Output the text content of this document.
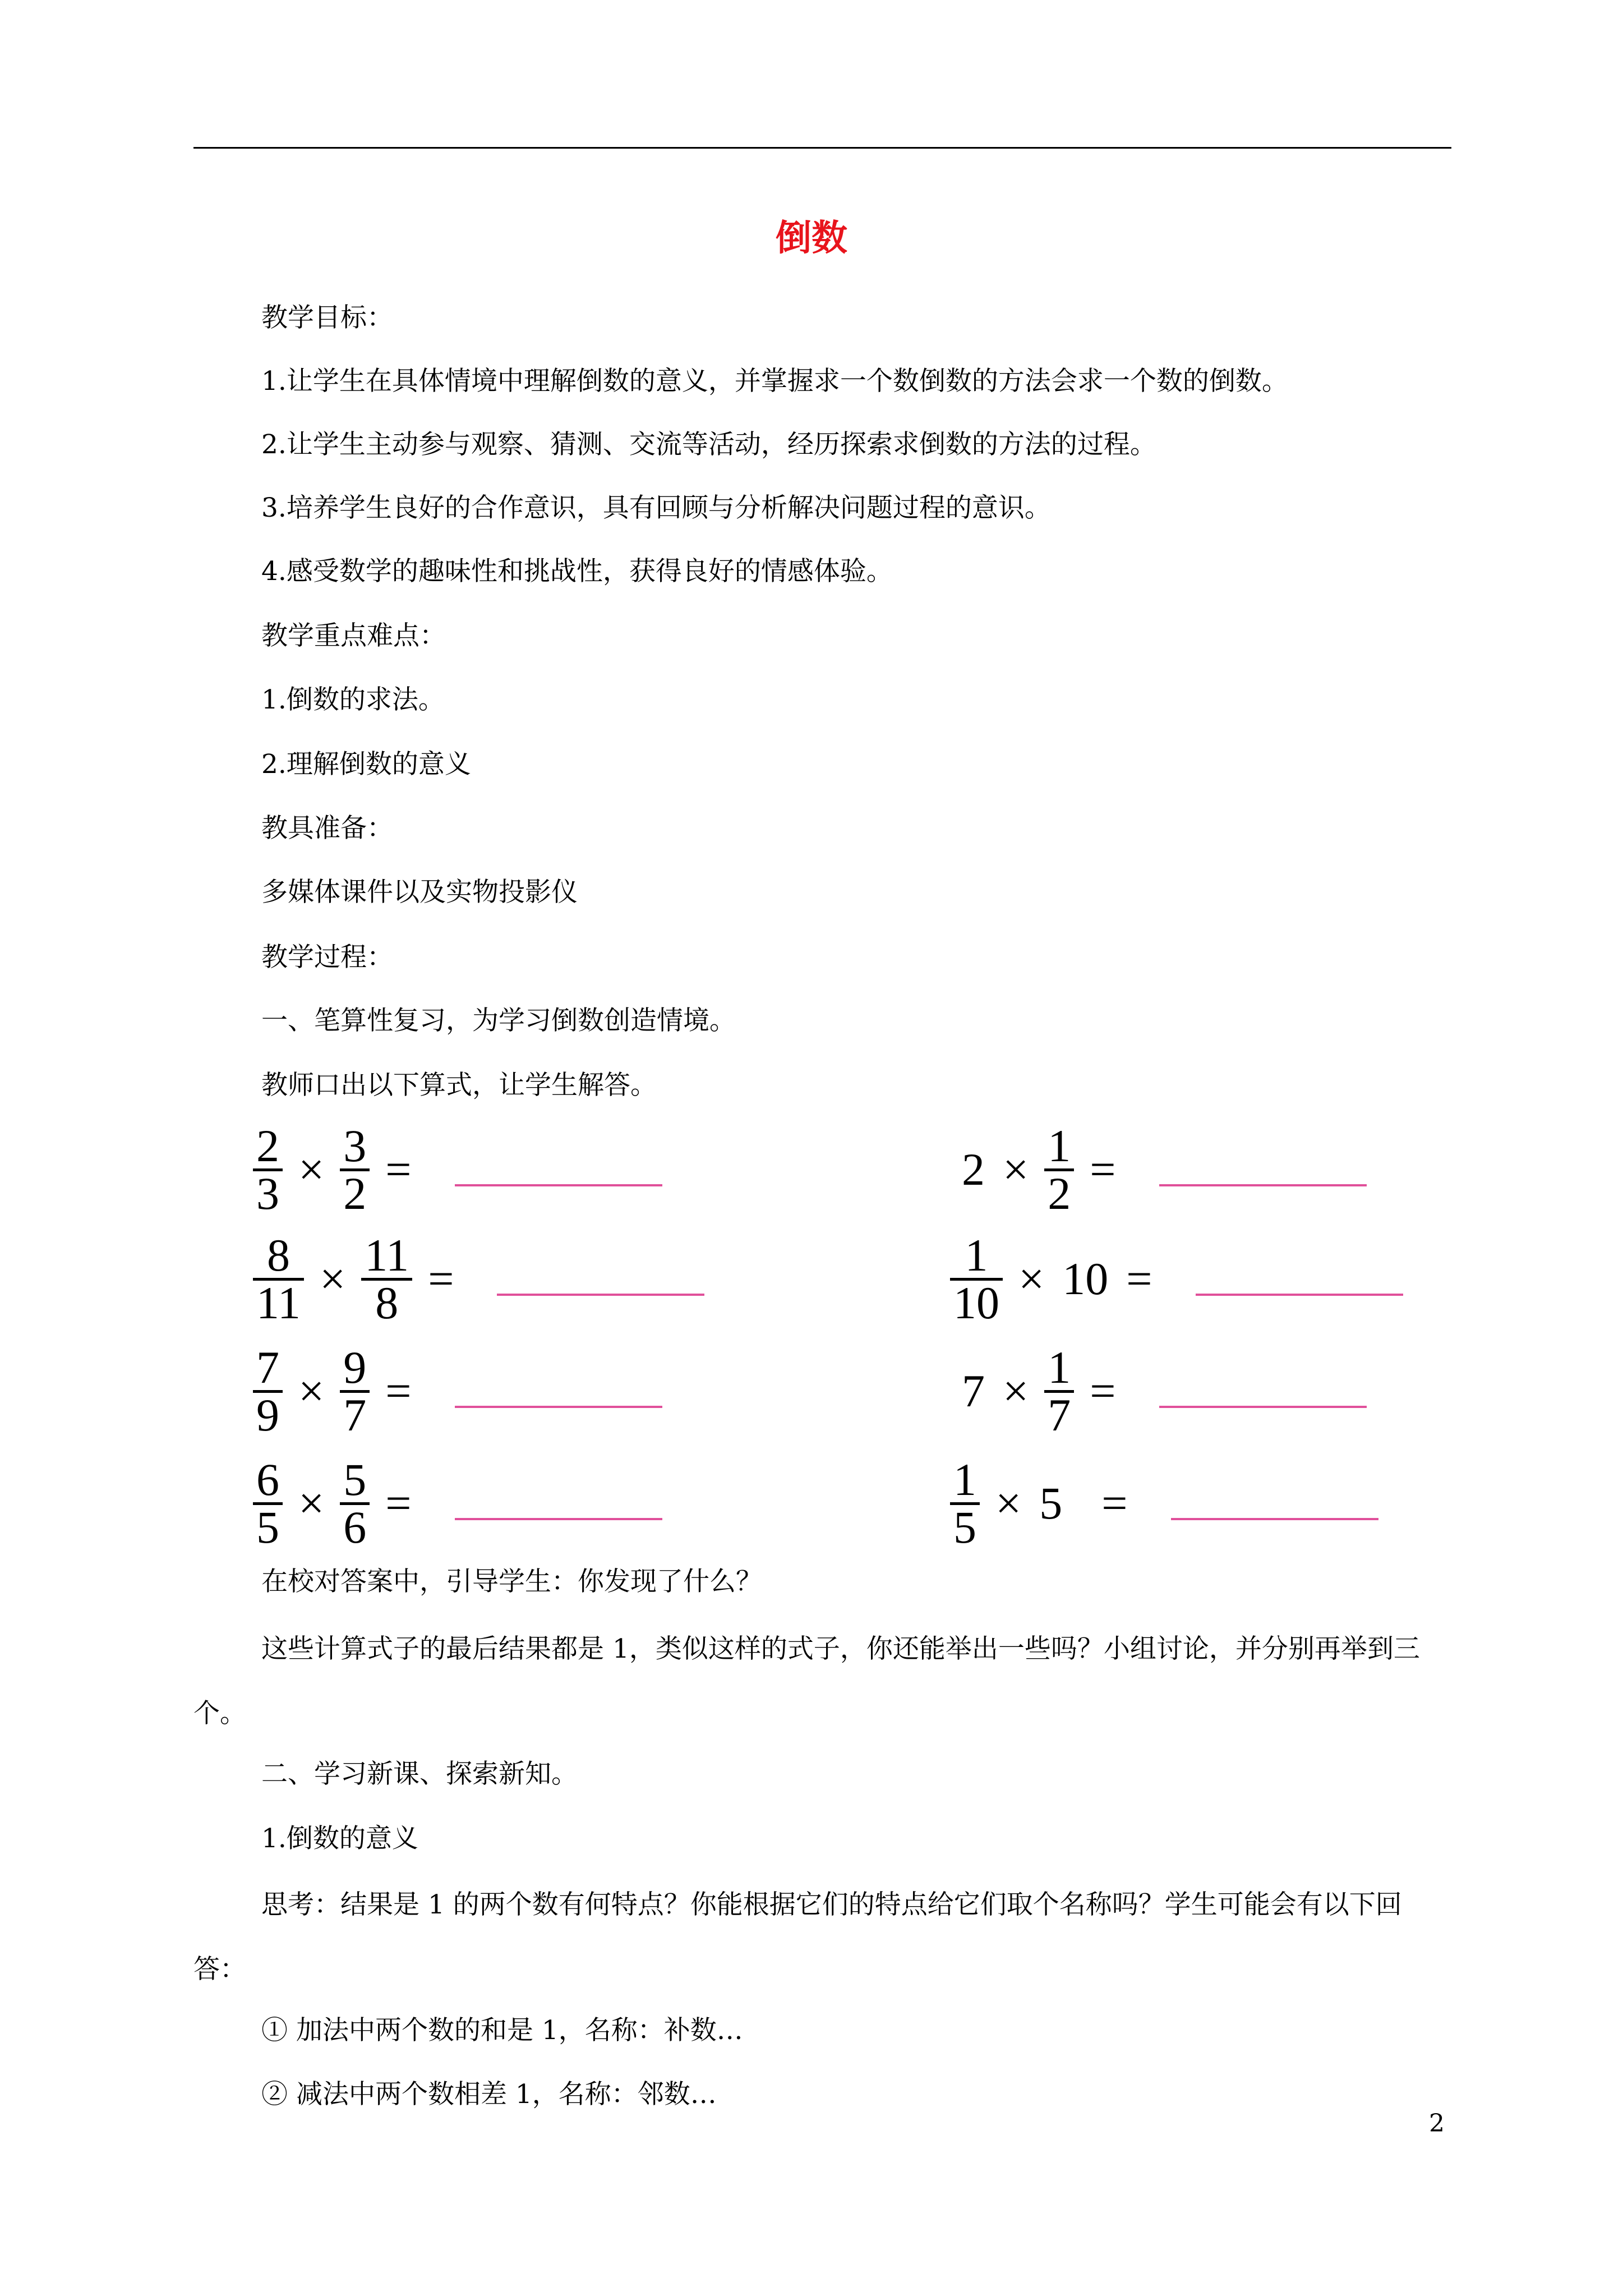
倒数
教学目标：
1.让学生在具体情境中理解倒数的意义，并掌握求一个数倒数的方法会求一个数的倒数。
2.让学生主动参与观察、猜测、交流等活动，经历探索求倒数的方法的过程。
3.培养学生良好的合作意识，具有回顾与分析解决问题过程的意识。
4.感受数学的趣味性和挑战性，获得良好的情感体验。
教学重点难点：
1.倒数的求法。
2.理解倒数的意义
教具准备：
多媒体课件以及实物投影仪
教学过程：
一、笔算性复习，为学习倒数创造情境。
教师口出以下算式，让学生解答。
2
3 × 3
2 =
8
11 × 11
8 =
7
9 × 9
7 =
6
5 × 5
6 =
2 × 1
2 =
1
10 × 10 =
7 × 1
7 =
1
5 × 5 =
在校对答案中，引导学生：你发现了什么？
这些计算式子的最后结果都是 1，类似这样的式子，你还能举出一些吗？小组讨论，并分别再举到三个。
二、学习新课、探索新知。
1.倒数的意义
思考：结果是 1 的两个数有何特点？你能根据它们的特点给它们取个名称吗？学生可能会有以下回答：
① 加法中两个数的和是 1，名称：补数…
② 减法中两个数相差 1，名称：邻数…
2
